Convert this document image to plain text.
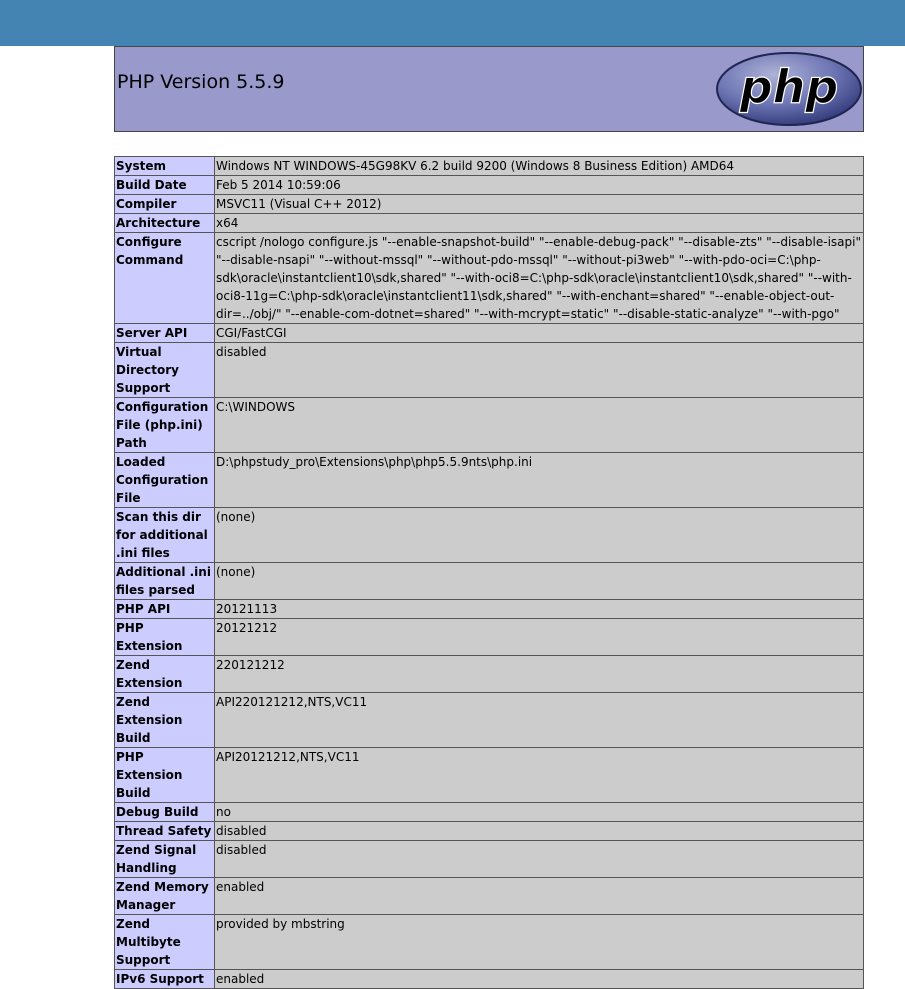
PHP Version 5.5.9	php
System	Windows NT WINDOWS-45G98KV 6.2 build 9200 (Windows 8 Business Edition) AMD64
Build Date	Feb 5 2014 10:59:06
Compiler	MSVC11 (Visual C++ 2012)
Architecture	x64
Configure Command	cscript /nologo configure.js "--enable-snapshot-build" "--enable-debug-pack" "--disable-zts" "--disable-isapi" "--disable-nsapi" "--without-mssql" "--without-pdo-mssql" "--without-pi3web" "--with-pdo-oci=C:\php-sdk\oracle\instantclient10\sdk,shared" "--with-oci8=C:\php-sdk\oracle\instantclient10\sdk,shared" "--with-oci8-11g=C:\php-sdk\oracle\instantclient11\sdk,shared" "--with-enchant=shared" "--enable-object-out-dir=../obj/" "--enable-com-dotnet=shared" "--with-mcrypt=static" "--disable-static-analyze" "--with-pgo"
Server API	CGI/FastCGI
Virtual Directory Support	disabled
Configuration File (php.ini) Path	C:\WINDOWS
Loaded Configuration File	D:\phpstudy_pro\Extensions\php\php5.5.9nts\php.ini
Scan this dir for additional .ini files	(none)
Additional .ini files parsed	(none)
PHP API	20121113
PHP Extension	20121212
Zend Extension	220121212
Zend Extension Build	API220121212,NTS,VC11
PHP Extension Build	API20121212,NTS,VC11
Debug Build	no
Thread Safety	disabled
Zend Signal Handling	disabled
Zend Memory Manager	enabled
Zend Multibyte Support	provided by mbstring
IPv6 Support	enabled
